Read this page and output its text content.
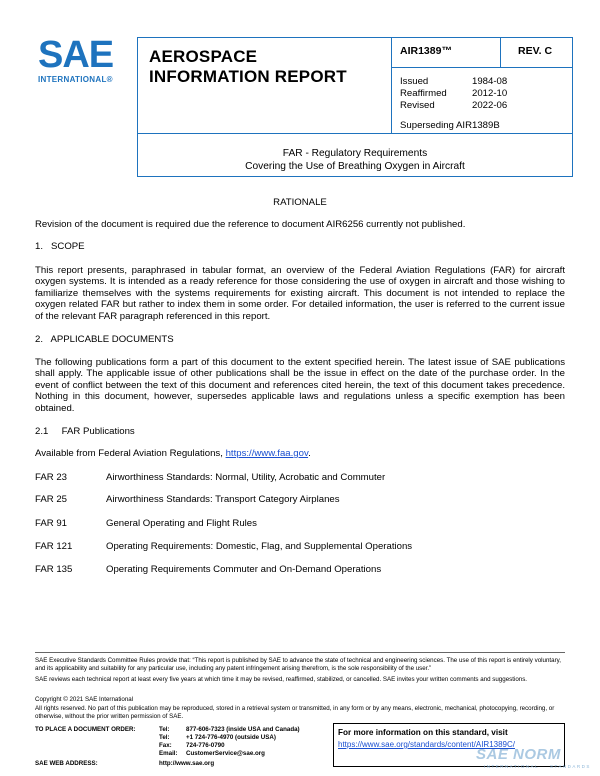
SAE
INTERNATIONAL®
AEROSPACE
INFORMATION REPORT
AIR1389™	REV. C
Issued	1984-08
Reaffirmed	2012-10
Revised	2022-06
Superseding AIR1389B
FAR - Regulatory Requirements
Covering the Use of Breathing Oxygen in Aircraft
RATIONALE
Revision of the document is required due the reference to document AIR6256 currently not published.
1.   SCOPE
This report presents, paraphrased in tabular format, an overview of the Federal Aviation Regulations (FAR) for aircraft oxygen systems. It is intended as a ready reference for those considering the use of oxygen in aircraft and those wishing to familiarize themselves with the systems requirements for existing aircraft. This document is not intended to replace the oxygen related FAR but rather to index them in some order. For detailed information, the user is referred to the current issue of the relevant FAR paragraph referenced in this report.
2.   APPLICABLE DOCUMENTS
The following publications form a part of this document to the extent specified herein. The latest issue of SAE publications shall apply. The applicable issue of other publications shall be the issue in effect on the date of the purchase order. In the event of conflict between the text of this document and references cited herein, the text of this document takes precedence. Nothing in this document, however, supersedes applicable laws and regulations unless a specific exemption has been obtained.
2.1     FAR Publications
Available from Federal Aviation Regulations, https://www.faa.gov.
FAR 23	Airworthiness Standards: Normal, Utility, Acrobatic and Commuter
FAR 25	Airworthiness Standards: Transport Category Airplanes
FAR 91	General Operating and Flight Rules
FAR 121	Operating Requirements: Domestic, Flag, and Supplemental Operations
FAR 135	Operating Requirements Commuter and On-Demand Operations
SAE Executive Standards Committee Rules provide that: “This report is published by SAE to advance the state of technical and engineering sciences. The use of this report is entirely voluntary, and its applicability and suitability for any particular use, including any patent infringement arising therefrom, is the sole responsibility of the user.”
SAE reviews each technical report at least every five years at which time it may be revised, reaffirmed, stabilized, or cancelled. SAE invites your written comments and suggestions.
Copyright © 2021 SAE International
All rights reserved. No part of this publication may be reproduced, stored in a retrieval system or transmitted, in any form or by any means, electronic, mechanical, photocopying, recording, or otherwise, without the prior written permission of SAE.
TO PLACE A DOCUMENT ORDER:	Tel:	877-606-7323 (inside USA and Canada)
Tel:	+1 724-776-4970 (outside USA)
Fax: 724-776-0790
Email: CustomerService@sae.org
SAE WEB ADDRESS:	http://www.sae.org
For more information on this standard, visit
https://www.sae.org/standards/content/AIR1389C/
SAE NORM
INTERNATIONAL    STANDARDS
